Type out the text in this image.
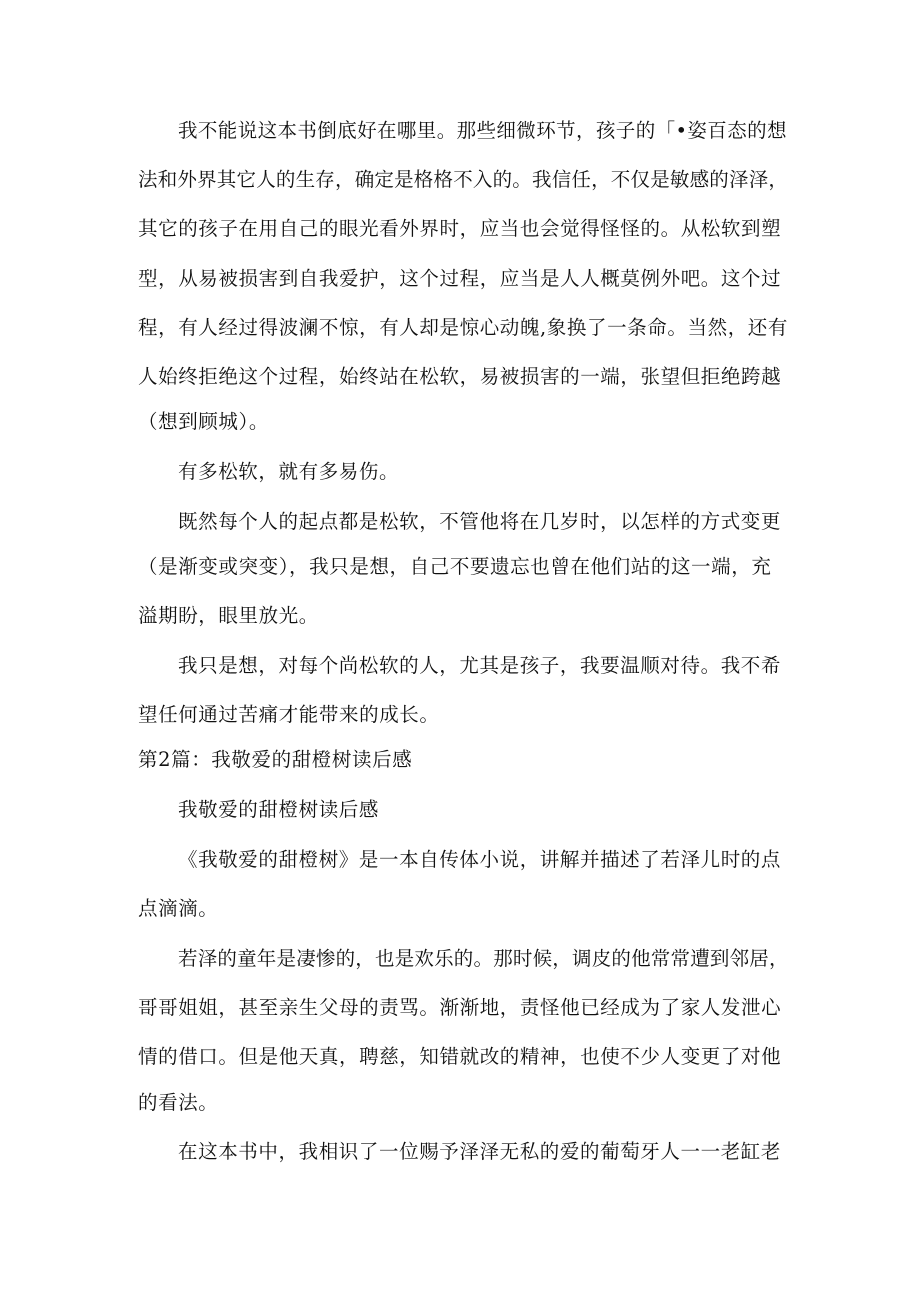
我不能说这本书倒底好在哪里。那些细微环节，孩子的「•姿百态的想
法和外界其它人的生存，确定是格格不入的。我信任，不仅是敏感的泽泽，
其它的孩子在用自己的眼光看外界时，应当也会觉得怪怪的。从松软到塑
型，从易被损害到自我爱护，这个过程，应当是人人概莫例外吧。这个过
程，有人经过得波澜不惊，有人却是惊心动魄,象换了一条命。当然，还有
人始终拒绝这个过程，始终站在松软，易被损害的一端，张望但拒绝跨越
（想到顾城）。
有多松软，就有多易伤。
既然每个人的起点都是松软，不管他将在几岁时，以怎样的方式变更
（是渐变或突变），我只是想，自己不要遗忘也曾在他们站的这一端，充
溢期盼，眼里放光。
我只是想，对每个尚松软的人，尤其是孩子，我要温顺对待。我不希
望任何通过苦痛才能带来的成长。
第2篇：我敬爱的甜橙树读后感
我敬爱的甜橙树读后感
《我敬爱的甜橙树》是一本自传体小说，讲解并描述了若泽儿时的点
点滴滴。
若泽的童年是凄惨的，也是欢乐的。那时候，调皮的他常常遭到邻居，
哥哥姐姐，甚至亲生父母的责骂。渐渐地，责怪他已经成为了家人发泄心
情的借口。但是他天真，聘慈，知错就改的精神，也使不少人变更了对他
的看法。
在这本书中，我相识了一位赐予泽泽无私的爱的葡萄牙人一一老缸老
